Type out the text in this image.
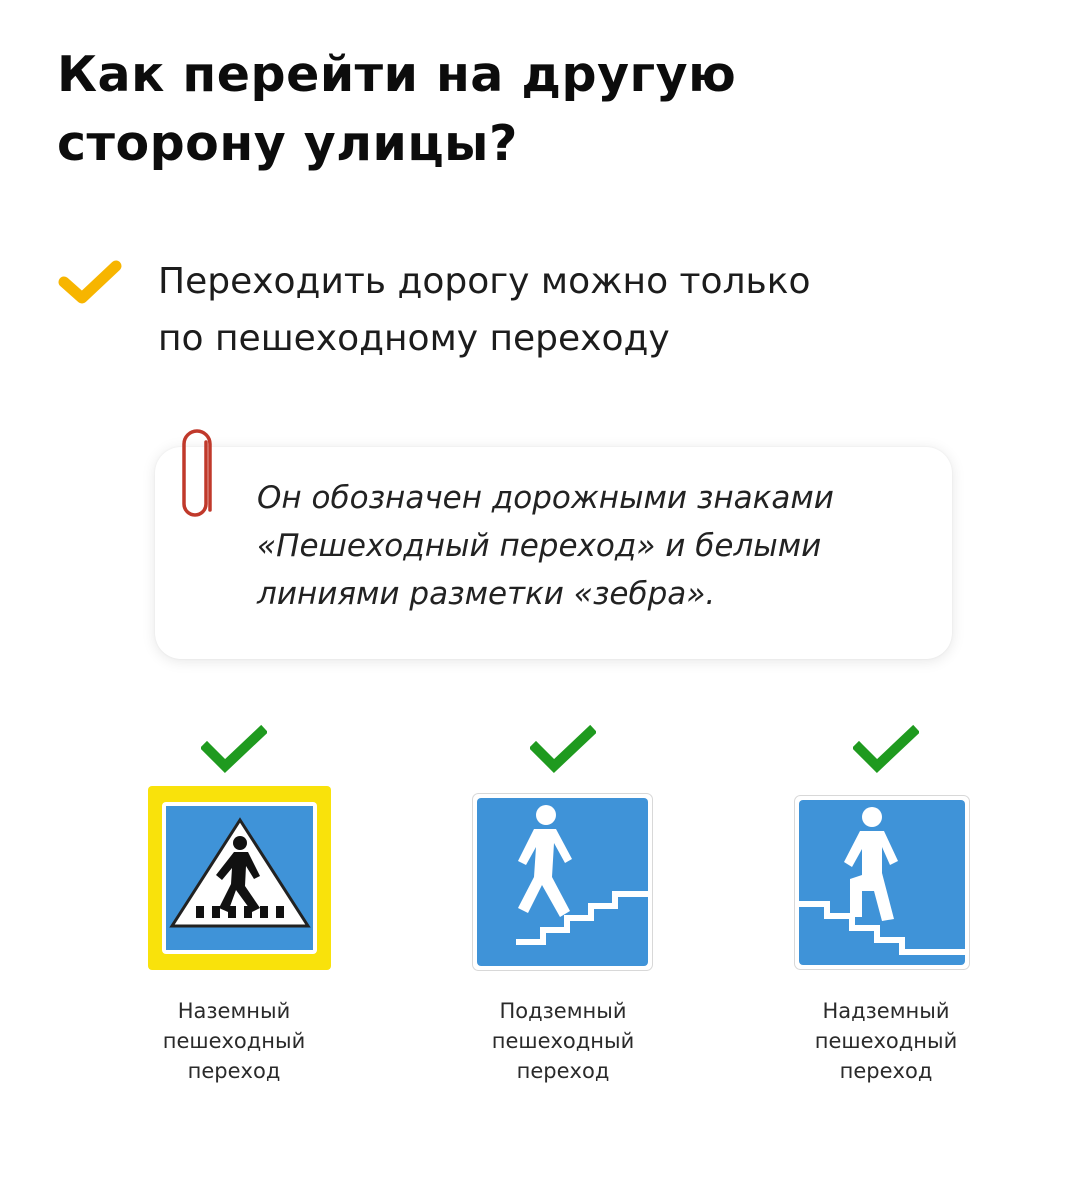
Как перейти на другую
сторону улицы?

Переходить дорогу можно только
по пешеходному переходу

Он обозначен дорожными знаками
«Пешеходный переход» и белыми
линиями разметки «зебра».

Наземный
пешеходный
переход

Подземный
пешеходный
переход

Надземный
пешеходный
переход
